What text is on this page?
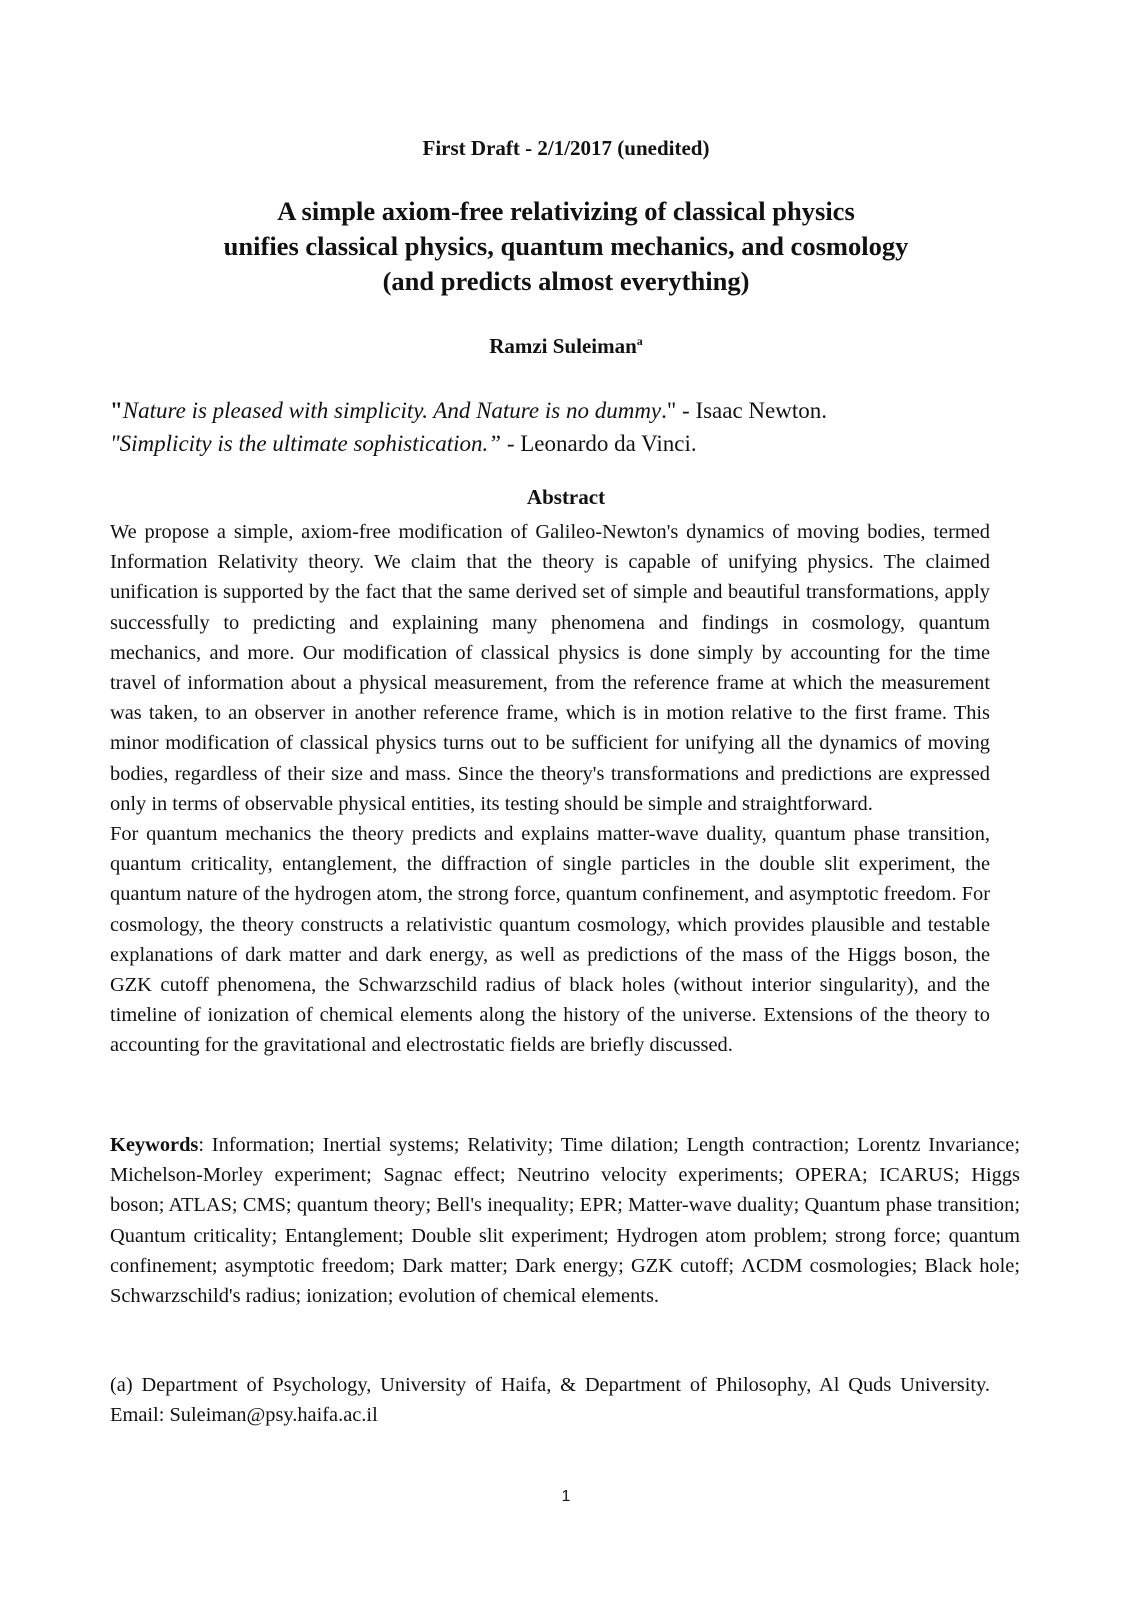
First Draft - 2/1/2017 (unedited)
A simple axiom-free relativizing of classical physics
unifies classical physics, quantum mechanics, and cosmology
(and predicts almost everything)
Ramzi Suleiman$^a$
"Nature is pleased with simplicity. And Nature is no dummy." - Isaac Newton.
"Simplicity is the ultimate sophistication.” - Leonardo da Vinci.
Abstract

We propose a simple, axiom-free modification of Galileo-Newton's dynamics of moving bodies, termed Information Relativity theory. We claim that the theory is capable of unifying physics. The claimed unification is supported by the fact that the same derived set of simple and beautiful transformations, apply successfully to predicting and explaining many phenomena and findings in cosmology, quantum mechanics, and more. Our modification of classical physics is done simply by accounting for the time travel of information about a physical measurement, from the reference frame at which the measurement was taken, to an observer in another reference frame, which is in motion relative to the first frame. This minor modification of classical physics turns out to be sufficient for unifying all the dynamics of moving bodies, regardless of their size and mass. Since the theory's transformations and predictions are expressed only in terms of observable physical entities, its testing should be simple and straightforward.

For quantum mechanics the theory predicts and explains matter-wave duality, quantum phase transition, quantum criticality, entanglement, the diffraction of single particles in the double slit experiment, the quantum nature of the hydrogen atom, the strong force, quantum confinement, and asymptotic freedom. For cosmology, the theory constructs a relativistic quantum cosmology, which provides plausible and testable explanations of dark matter and dark energy, as well as predictions of the mass of the Higgs boson, the GZK cutoff phenomena, the Schwarzschild radius of black holes (without interior singularity), and the timeline of ionization of chemical elements along the history of the universe. Extensions of the theory to accounting for the gravitational and electrostatic fields are briefly discussed.

Keywords: Information; Inertial systems; Relativity; Time dilation; Length contraction; Lorentz Invariance; Michelson-Morley experiment; Sagnac effect; Neutrino velocity experiments; OPERA; ICARUS; Higgs boson; ATLAS; CMS; quantum theory; Bell's inequality; EPR; Matter-wave duality; Quantum phase transition; Quantum criticality; Entanglement; Double slit experiment; Hydrogen atom problem; strong force; quantum confinement; asymptotic freedom; Dark matter; Dark energy; GZK cutoff; ΛCDM cosmologies; Black hole; Schwarzschild's radius; ionization; evolution of chemical elements.
(a) Department of Psychology, University of Haifa, & Department of Philosophy, Al Quds University. Email: Suleiman@psy.haifa.ac.il
1
